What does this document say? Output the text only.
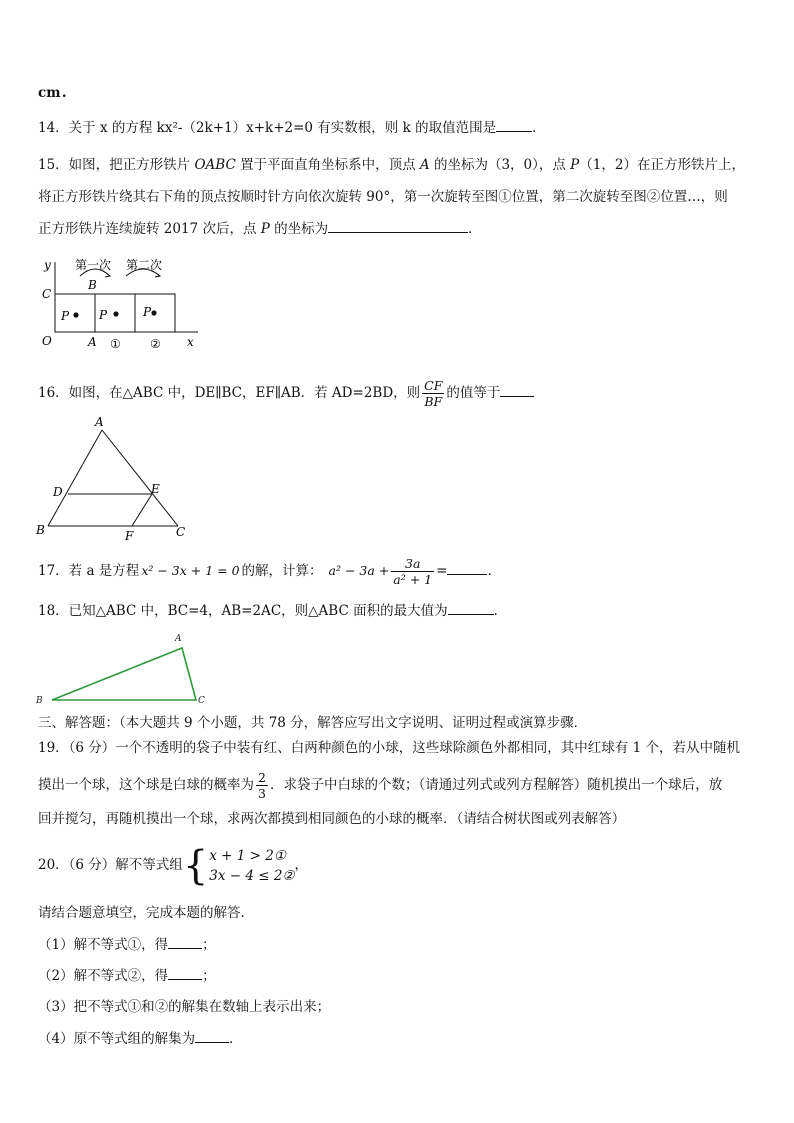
cm .
14．关于 x 的方程 kx²-（2k+1）x+k+2=0 有实数根，则 k 的取值范围是	．
15．如图，把正方形铁片 OABC 置于平面直角坐标系中，顶点 A 的坐标为（3，0），点 P（1，2）在正方形铁片上，
将正方形铁片绕其右下角的顶点按顺时针方向依次旋转 90°，第一次旋转至图①位置，第二次旋转至图②位置…，则
正方形铁片连续旋转 2017 次后，点 P 的坐标为	．
y
x
C
O	A
B
P P	P
第一次 第二次
① ②
16．如图，在△ABC 中，DE∥BC，EF∥AB．若 AD=2BD，则 $\frac{CF}{BF}$ 的值等于
A
B	C
D	E
F
17．若 a 是方程 x² − 3x + 1 = 0 的解，计算： $a^2 - 3a + \frac{3a}{\text{a² + 1}}$ =	．
18．已知△ABC 中，BC=4，AB=2AC，则△ABC 面积的最大值为	．
A
B	C
三、解答题：（本大题共 9 个小题，共 78 分，解答应写出文字说明、证明过程或演算步骤．
19．（6 分）一个不透明的袋子中装有红、白两种颜色的小球，这些球除颜色外都相同，其中红球有 1 个，若从中随机
摸出一个球，这个球是白球的概率为 $\frac{2}{3}$ ．求袋子中白球的个数；（请通过列式或列方程解答）随机摸出一个球后，放
回并搅匀，再随机摸出一个球，求两次都摸到相同颜色的小球的概率．（请结合树状图或列表解答）
20．（6 分）解不等式组{ x + 1 > 2①
3x − 4 ≤ 2②
，
请结合题意填空，完成本题的解答．
（1）解不等式①，得	；
（2）解不等式②，得	；
（3）把不等式①和②的解集在数轴上表示出来；
（4）原不等式组的解集为	．
